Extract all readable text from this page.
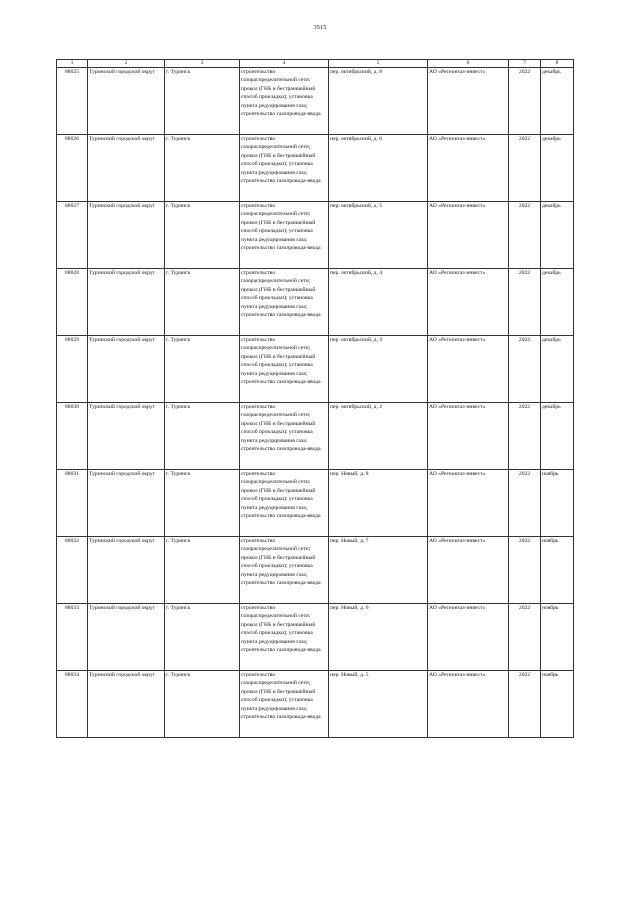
3515
1	2	3	4	5	6	7	8
88025	Туринский городской округ	г. Туринск	строительство газораспределительной сети; прокол (ГНБ и бестраншейный способ прокладки); установка пункта редуцирования газа; строительство газопровода-ввода	пер. октябрьский, д. 8	АО «Регионгаз-инвест»	2022	декабрь
88026	Туринский городской округ	г. Туринск	строительство газораспределительной сети; прокол (ГНБ и бестраншейный способ прокладки); установка пункта редуцирования газа; строительство газопровода-ввода	пер. октябрьский, д. 6	АО «Регионгаз-инвест»	2022	декабрь
88027	Туринский городской округ	г. Туринск	строительство газораспределительной сети; прокол (ГНБ и бестраншейный способ прокладки); установка пункта редуцирования газа; строительство газопровода-ввода	пер. октябрьский, д. 5	АО «Регионгаз-инвест»	2022	декабрь
88028	Туринский городской округ	г. Туринск	строительство газораспределительной сети; прокол (ГНБ и бестраншейный способ прокладки); установка пункта редуцирования газа; строительство газопровода-ввода	пер. октябрьский, д. 4	АО «Регионгаз-инвест»	2022	декабрь
88029	Туринский городской округ	г. Туринск	строительство газораспределительной сети; прокол (ГНБ и бестраншейный способ прокладки); установка пункта редуцирования газа; строительство газопровода-ввода	пер. октябрьский, д. 3	АО «Регионгаз-инвест»	2022	декабрь
88030	Туринский городской округ	г. Туринск	строительство газораспределительной сети; прокол (ГНБ и бестраншейный способ прокладки); установка пункта редуцирования газа; строительство газопровода-ввода	пер. октябрьский, д. 2	АО «Регионгаз-инвест»	2022	декабрь
88031	Туринский городской округ	г. Туринск	строительство газораспределительной сети; прокол (ГНБ и бестраншейный способ прокладки); установка пункта редуцирования газа; строительство газопровода-ввода	пер. Новый, д. 8	АО «Регионгаз-инвест»	2022	ноябрь
88032	Туринский городской округ	г. Туринск	строительство газораспределительной сети; прокол (ГНБ и бестраншейный способ прокладки); установка пункта редуцирования газа; строительство газопровода-ввода	пер. Новый, д. 7	АО «Регионгаз-инвест»	2022	ноябрь
88033	Туринский городской округ	г. Туринск	строительство газораспределительной сети; прокол (ГНБ и бестраншейный способ прокладки); установка пункта редуцирования газа; строительство газопровода-ввода	пер. Новый, д. 6	АО «Регионгаз-инвест»	2022	ноябрь
88034	Туринский городской округ	г. Туринск	строительство газораспределительной сети; прокол (ГНБ и бестраншейный способ прокладки); установка пункта редуцирования газа; строительство газопровода-ввода	пер. Новый, д. 5	АО «Регионгаз-инвест»	2022	ноябрь
